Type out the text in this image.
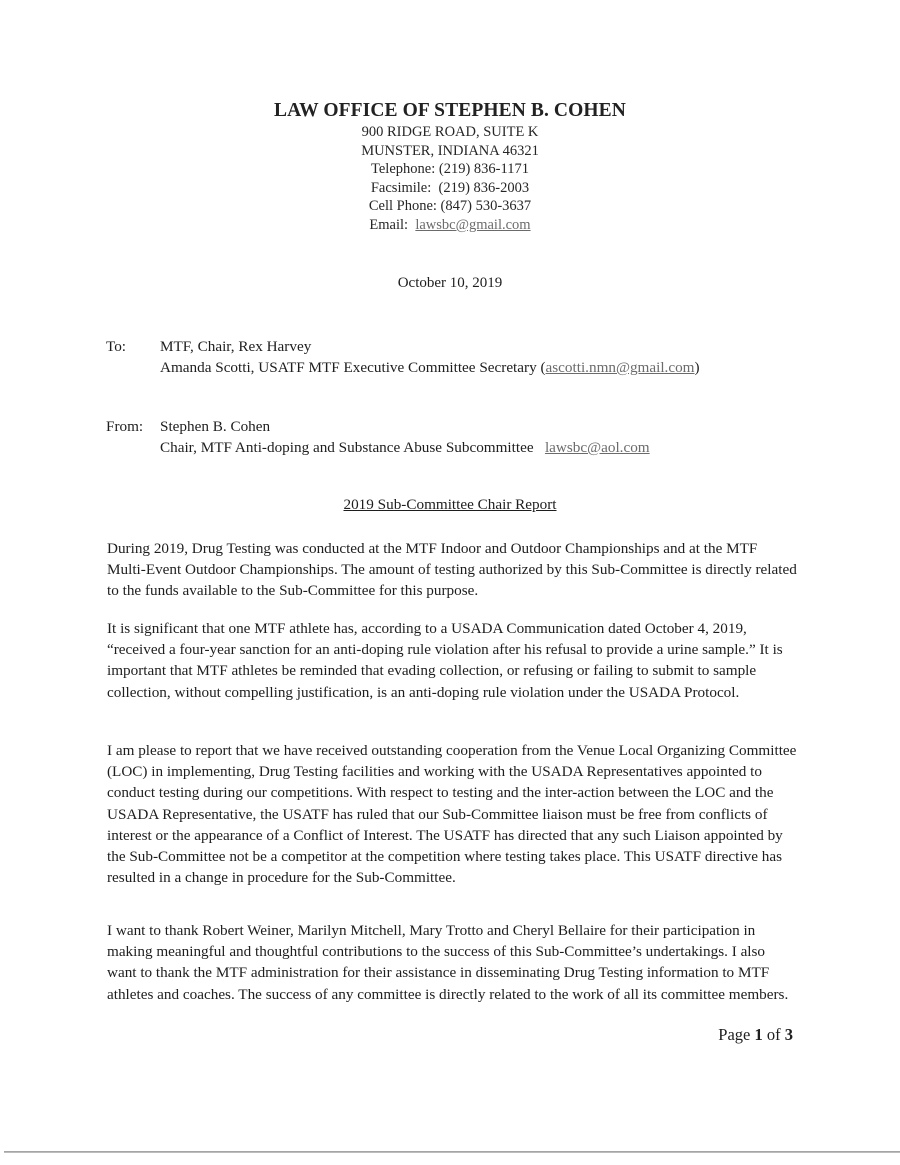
LAW OFFICE OF STEPHEN B. COHEN
900 RIDGE ROAD, SUITE K
MUNSTER, INDIANA 46321
Telephone: (219) 836-1171
Facsimile:  (219) 836-2003
Cell Phone: (847) 530-3637
Email: lawsbc@gmail.com
October 10, 2019
To: MTF, Chair, Rex Harvey
Amanda Scotti, USATF MTF Executive Committee Secretary (ascotti.nmn@gmail.com)
From: Stephen B. Cohen
Chair, MTF Anti-doping and Substance Abuse Subcommittee lawsbc@aol.com
2019 Sub-Committee Chair Report

During 2019, Drug Testing was conducted at the MTF Indoor and Outdoor Championships and at the MTF Multi-Event Outdoor Championships. The amount of testing authorized by this Sub-Committee is directly related to the funds available to the Sub-Committee for this purpose.

It is significant that one MTF athlete has, according to a USADA Communication dated October 4, 2019, “received a four-year sanction for an anti-doping rule violation after his refusal to provide a urine sample.” It is important that MTF athletes be reminded that evading collection, or refusing or failing to submit to sample collection, without compelling justification, is an anti-doping rule violation under the USADA Protocol.

I am please to report that we have received outstanding cooperation from the Venue Local Organizing Committee (LOC) in implementing, Drug Testing facilities and working with the USADA Representatives appointed to conduct testing during our competitions. With respect to testing and the inter-action between the LOC and the USADA Representative, the USATF has ruled that our Sub-Committee liaison must be free from conflicts of interest or the appearance of a Conflict of Interest. The USATF has directed that any such Liaison appointed by the Sub-Committee not be a competitor at the competition where testing takes place. This USATF directive has resulted in a change in procedure for the Sub-Committee.

I want to thank Robert Weiner, Marilyn Mitchell, Mary Trotto and Cheryl Bellaire for their participation in making meaningful and thoughtful contributions to the success of this Sub-Committee’s undertakings. I also want to thank the MTF administration for their assistance in disseminating Drug Testing information to MTF athletes and coaches. The success of any committee is directly related to the work of all its committee members.

Page 1 of 3
